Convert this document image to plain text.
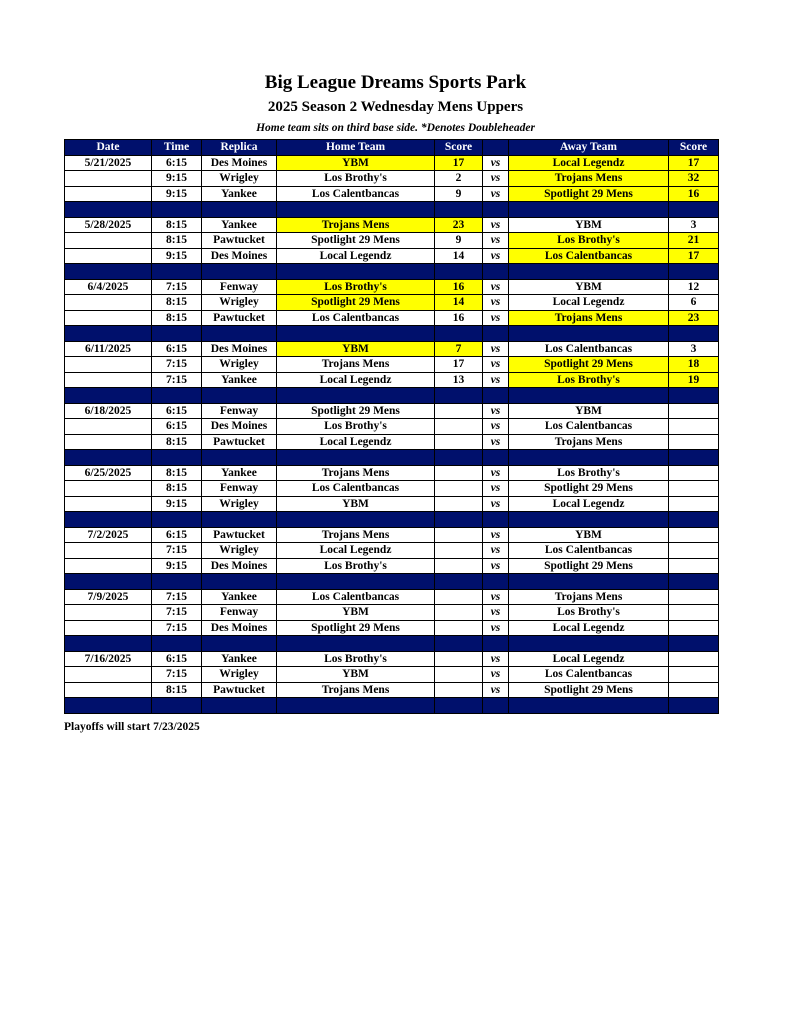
Big League Dreams Sports Park
2025 Season 2 Wednesday Mens Uppers
Home team sits on third base side. *Denotes Doubleheader
Date	Time	Replica	Home Team	Score		Away Team	Score
5/21/2025	6:15	Des Moines	YBM	17	vs	Local Legendz	17
	9:15	Wrigley	Los Brothy's	2	vs	Trojans Mens	32
	9:15	Yankee	Los Calentbancas	9	vs	Spotlight 29 Mens	16

5/28/2025	8:15	Yankee	Trojans Mens	23	vs	YBM	3
	8:15	Pawtucket	Spotlight 29 Mens	9	vs	Los Brothy's	21
	9:15	Des Moines	Local Legendz	14	vs	Los Calentbancas	17

6/4/2025	7:15	Fenway	Los Brothy's	16	vs	YBM	12
	8:15	Wrigley	Spotlight 29 Mens	14	vs	Local Legendz	6
	8:15	Pawtucket	Los Calentbancas	16	vs	Trojans Mens	23

6/11/2025	6:15	Des Moines	YBM	7	vs	Los Calentbancas	3
	7:15	Wrigley	Trojans Mens	17	vs	Spotlight 29 Mens	18
	7:15	Yankee	Local Legendz	13	vs	Los Brothy's	19

6/18/2025	6:15	Fenway	Spotlight 29 Mens		vs	YBM	
	6:15	Des Moines	Los Brothy's		vs	Los Calentbancas	
	8:15	Pawtucket	Local Legendz		vs	Trojans Mens	

6/25/2025	8:15	Yankee	Trojans Mens		vs	Los Brothy's	
	8:15	Fenway	Los Calentbancas		vs	Spotlight 29 Mens	
	9:15	Wrigley	YBM		vs	Local Legendz	

7/2/2025	6:15	Pawtucket	Trojans Mens		vs	YBM	
	7:15	Wrigley	Local Legendz		vs	Los Calentbancas	
	9:15	Des Moines	Los Brothy's		vs	Spotlight 29 Mens	

7/9/2025	7:15	Yankee	Los Calentbancas		vs	Trojans Mens	
	7:15	Fenway	YBM		vs	Los Brothy's	
	7:15	Des Moines	Spotlight 29 Mens		vs	Local Legendz	

7/16/2025	6:15	Yankee	Los Brothy's		vs	Local Legendz	
	7:15	Wrigley	YBM		vs	Los Calentbancas	
	8:15	Pawtucket	Trojans Mens		vs	Spotlight 29 Mens	

Playoffs will start 7/23/2025
